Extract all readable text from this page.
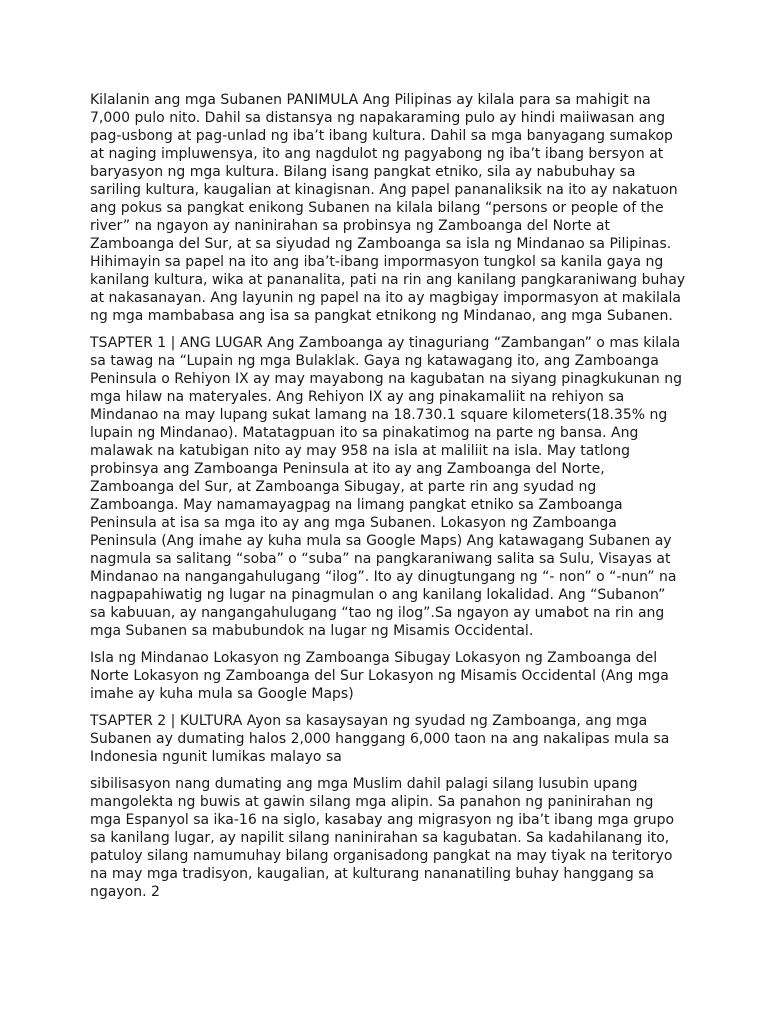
Kilalanin ang mga Subanen PANIMULA Ang Pilipinas ay kilala para sa mahigit na
7,000 pulo nito. Dahil sa distansya ng napakaraming pulo ay hindi maiiwasan ang
pag-usbong at pag-unlad ng iba’t ibang kultura. Dahil sa mga banyagang sumakop
at naging impluwensya, ito ang nagdulot ng pagyabong ng iba’t ibang bersyon at
baryasyon ng mga kultura. Bilang isang pangkat etniko, sila ay nabubuhay sa
sariling kultura, kaugalian at kinagisnan. Ang papel pananaliksik na ito ay nakatuon
ang pokus sa pangkat enikong Subanen na kilala bilang “persons or people of the
river” na ngayon ay naninirahan sa probinsya ng Zamboanga del Norte at
Zamboanga del Sur, at sa siyudad ng Zamboanga sa isla ng Mindanao sa Pilipinas.
Hihimayin sa papel na ito ang iba’t-ibang impormasyon tungkol sa kanila gaya ng
kanilang kultura, wika at pananalita, pati na rin ang kanilang pangkaraniwang buhay
at nakasanayan. Ang layunin ng papel na ito ay magbigay impormasyon at makilala
ng mga mambabasa ang isa sa pangkat etnikong ng Mindanao, ang mga Subanen.

TSAPTER 1 | ANG LUGAR Ang Zamboanga ay tinaguriang “Zambangan” o mas kilala
sa tawag na “Lupain ng mga Bulaklak. Gaya ng katawagang ito, ang Zamboanga
Peninsula o Rehiyon IX ay may mayabong na kagubatan na siyang pinagkukunan ng
mga hilaw na materyales. Ang Rehiyon IX ay ang pinakamaliit na rehiyon sa
Mindanao na may lupang sukat lamang na 18.730.1 square kilometers(18.35% ng
lupain ng Mindanao). Matatagpuan ito sa pinakatimog na parte ng bansa. Ang
malawak na katubigan nito ay may 958 na isla at maliliit na isla. May tatlong
probinsya ang Zamboanga Peninsula at ito ay ang Zamboanga del Norte,
Zamboanga del Sur, at Zamboanga Sibugay, at parte rin ang syudad ng
Zamboanga. May namamayagpag na limang pangkat etniko sa Zamboanga
Peninsula at isa sa mga ito ay ang mga Subanen. Lokasyon ng Zamboanga
Peninsula (Ang imahe ay kuha mula sa Google Maps) Ang katawagang Subanen ay
nagmula sa salitang “soba” o “suba” na pangkaraniwang salita sa Sulu, Visayas at
Mindanao na nangangahulugang “ilog”. Ito ay dinugtungang ng “- non” o “-nun” na
nagpapahiwatig ng lugar na pinagmulan o ang kanilang lokalidad. Ang “Subanon”
sa kabuuan, ay nangangahulugang “tao ng ilog”.Sa ngayon ay umabot na rin ang
mga Subanen sa mabubundok na lugar ng Misamis Occidental.

Isla ng Mindanao Lokasyon ng Zamboanga Sibugay Lokasyon ng Zamboanga del
Norte Lokasyon ng Zamboanga del Sur Lokasyon ng Misamis Occidental (Ang mga
imahe ay kuha mula sa Google Maps)

TSAPTER 2 | KULTURA Ayon sa kasaysayan ng syudad ng Zamboanga, ang mga
Subanen ay dumating halos 2,000 hanggang 6,000 taon na ang nakalipas mula sa
Indonesia ngunit lumikas malayo sa

sibilisasyon nang dumating ang mga Muslim dahil palagi silang lusubin upang
mangolekta ng buwis at gawin silang mga alipin. Sa panahon ng paninirahan ng
mga Espanyol sa ika-16 na siglo, kasabay ang migrasyon ng iba’t ibang mga grupo
sa kanilang lugar, ay napilit silang naninirahan sa kagubatan. Sa kadahilanang ito,
patuloy silang namumuhay bilang organisadong pangkat na may tiyak na teritoryo
na may mga tradisyon, kaugalian, at kulturang nananatiling buhay hanggang sa
ngayon. 2
